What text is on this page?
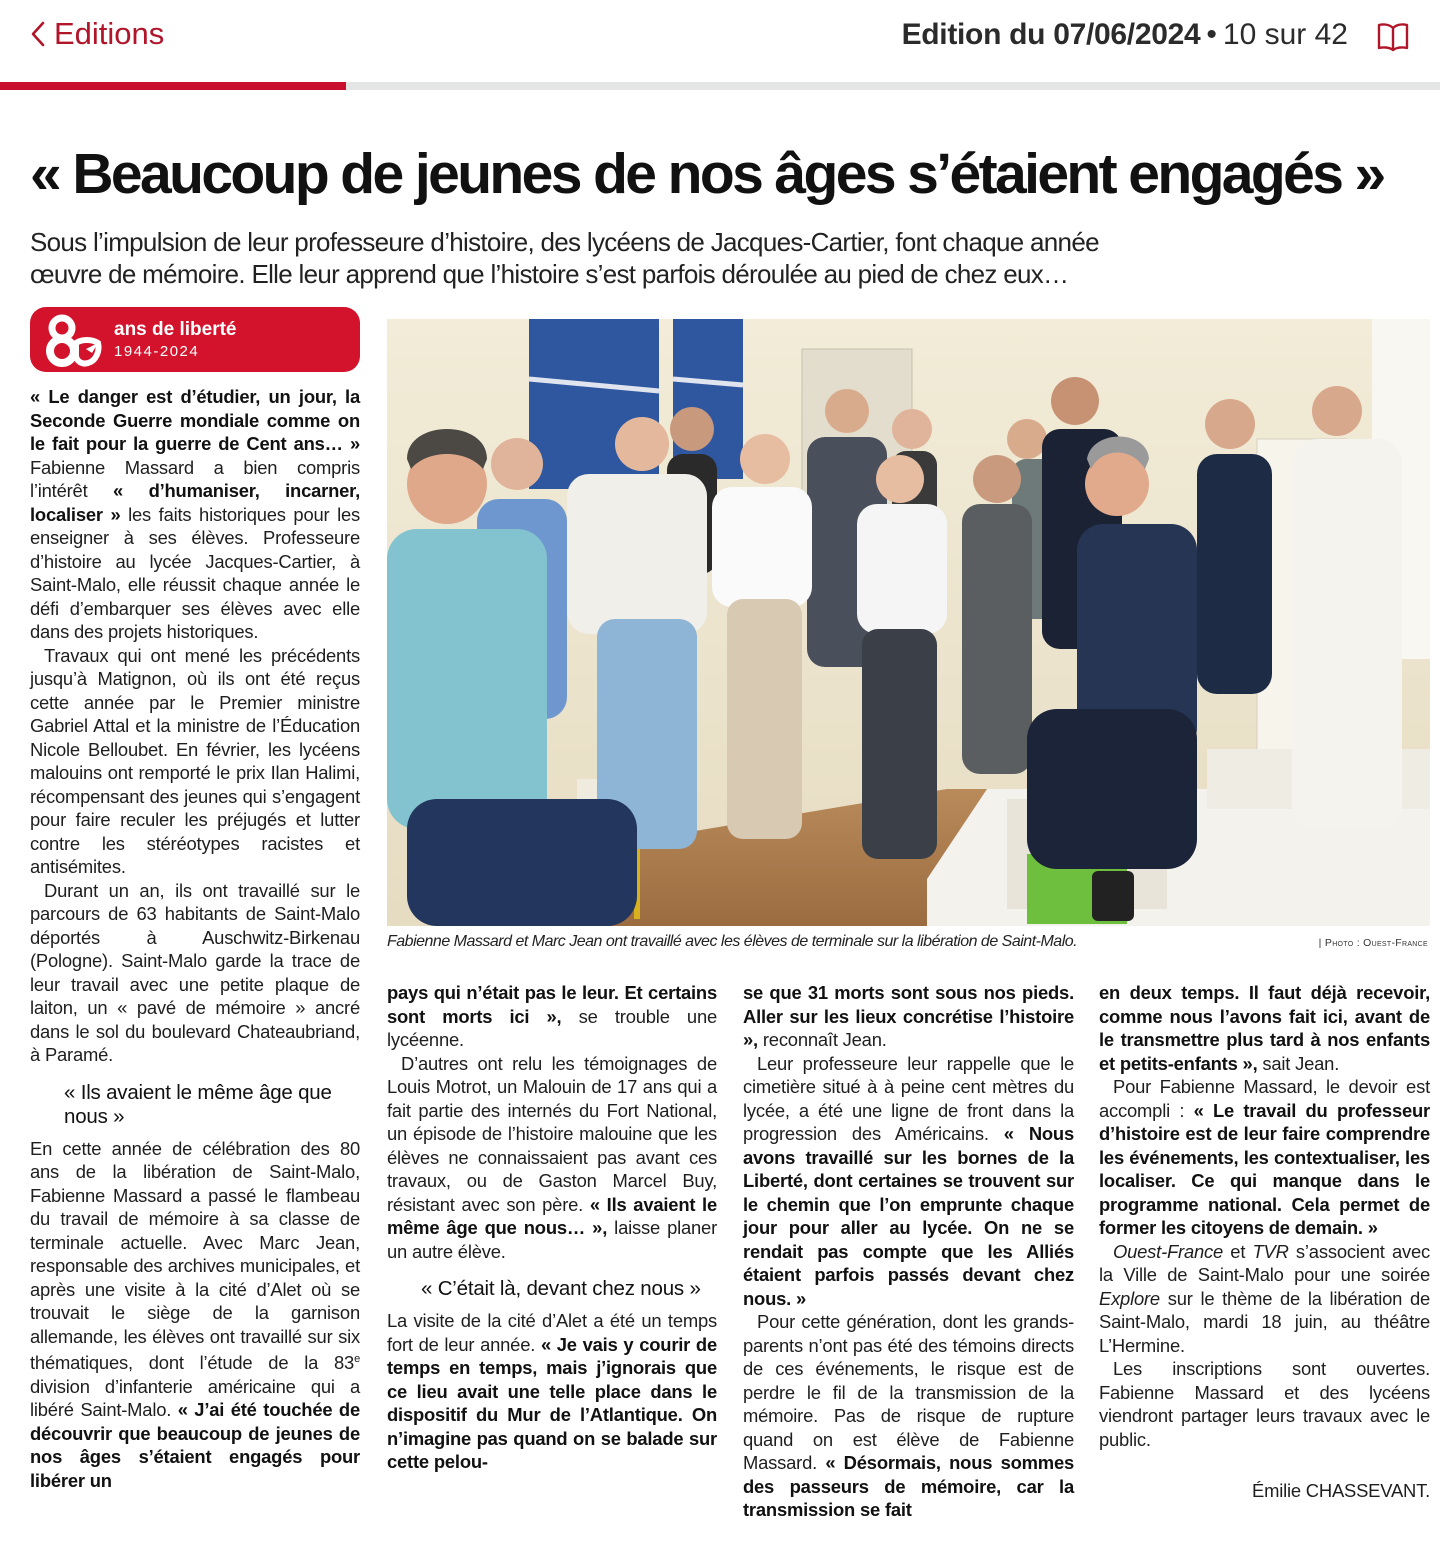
Editions	Edition du 07/06/2024 • 10 sur 42
« Beaucoup de jeunes de nos âges s’étaient engagés »
Sous l’impulsion de leur professeure d’histoire, des lycéens de Jacques-Cartier, font chaque année
œuvre de mémoire. Elle leur apprend que l’histoire s’est parfois déroulée au pied de chez eux…
ans de liberté
1944-2024

« Le danger est d’étudier, un jour, la Seconde Guerre mondiale comme on le fait pour la guerre de Cent ans… » Fabienne Massard a bien compris l’intérêt « d’humaniser, incarner, localiser » les faits historiques pour les enseigner à ses élèves. Professeure d’histoire au lycée Jacques-Cartier, à Saint-Malo, elle réussit chaque année le défi d’embarquer ses élèves avec elle dans des projets historiques.

Travaux qui ont mené les précédents jusqu’à Matignon, où ils ont été reçus cette année par le Premier ministre Gabriel Attal et la ministre de l’Éducation Nicole Belloubet. En février, les lycéens malouins ont remporté le prix Ilan Halimi, récompensant des jeunes qui s’engagent pour faire reculer les préjugés et lutter contre les stéréotypes racistes et antisémites.

Durant un an, ils ont travaillé sur le parcours de 63 habitants de Saint-Malo déportés à Auschwitz-Birkenau (Pologne). Saint-Malo garde la trace de leur travail avec une petite plaque de laiton, un « pavé de mémoire » ancré dans le sol du boulevard Chateaubriand, à Paramé.

« Ils avaient le même âge que nous »

En cette année de célébration des 80 ans de la libération de Saint-Malo, Fabienne Massard a passé le flambeau du travail de mémoire à sa classe de terminale actuelle. Avec Marc Jean, responsable des archives municipales, et après une visite à la cité d’Alet où se trouvait le siège de la garnison allemande, les élèves ont travaillé sur six thématiques, dont l’étude de la 83e division d’infanterie américaine qui a libéré Saint-Malo. « J’ai été touchée de découvrir que beaucoup de jeunes de nos âges s’étaient engagés pour libérer un

Fabienne Massard et Marc Jean ont travaillé avec les élèves de terminale sur la libération de Saint-Malo.	| Photo : Ouest-France

pays qui n’était pas le leur. Et certains sont morts ici », se trouble une lycéenne.

D’autres ont relu les témoignages de Louis Motrot, un Malouin de 17 ans qui a fait partie des internés du Fort National, un épisode de l’histoire malouine que les élèves ne connaissaient pas avant ces travaux, ou de Gaston Marcel Buy, résistant avec son père. « Ils avaient le même âge que nous… », laisse planer un autre élève.

« C’était là, devant chez nous »

La visite de la cité d’Alet a été un temps fort de leur année. « Je vais y courir de temps en temps, mais j’ignorais que ce lieu avait une telle place dans le dispositif du Mur de l’Atlantique. On n’imagine pas quand on se balade sur cette pelou-

se que 31 morts sont sous nos pieds. Aller sur les lieux concrétise l’histoire », reconnaît Jean.

Leur professeure leur rappelle que le cimetière situé à à peine cent mètres du lycée, a été une ligne de front dans la progression des Américains. « Nous avons travaillé sur les bornes de la Liberté, dont certaines se trouvent sur le chemin que l’on emprunte chaque jour pour aller au lycée. On ne se rendait pas compte que les Alliés étaient parfois passés devant chez nous. »

Pour cette génération, dont les grands-parents n’ont pas été des témoins directs de ces événements, le risque est de perdre le fil de la transmission de la mémoire. Pas de risque de rupture quand on est élève de Fabienne Massard. « Désormais, nous sommes des passeurs de mémoire, car la transmission se fait

en deux temps. Il faut déjà recevoir, comme nous l’avons fait ici, avant de le transmettre plus tard à nos enfants et petits-enfants », sait Jean.

Pour Fabienne Massard, le devoir est accompli : « Le travail du professeur d’histoire est de leur faire comprendre les événements, les contextualiser, les localiser. Ce qui manque dans le programme national. Cela permet de former les citoyens de demain. »

Ouest-France et TVR s’associent avec la Ville de Saint-Malo pour une soirée Explore sur le thème de la libération de Saint-Malo, mardi 18 juin, au théâtre L’Hermine.

Les inscriptions sont ouvertes. Fabienne Massard et des lycéens viendront partager leurs travaux avec le public.

Émilie CHASSEVANT.
